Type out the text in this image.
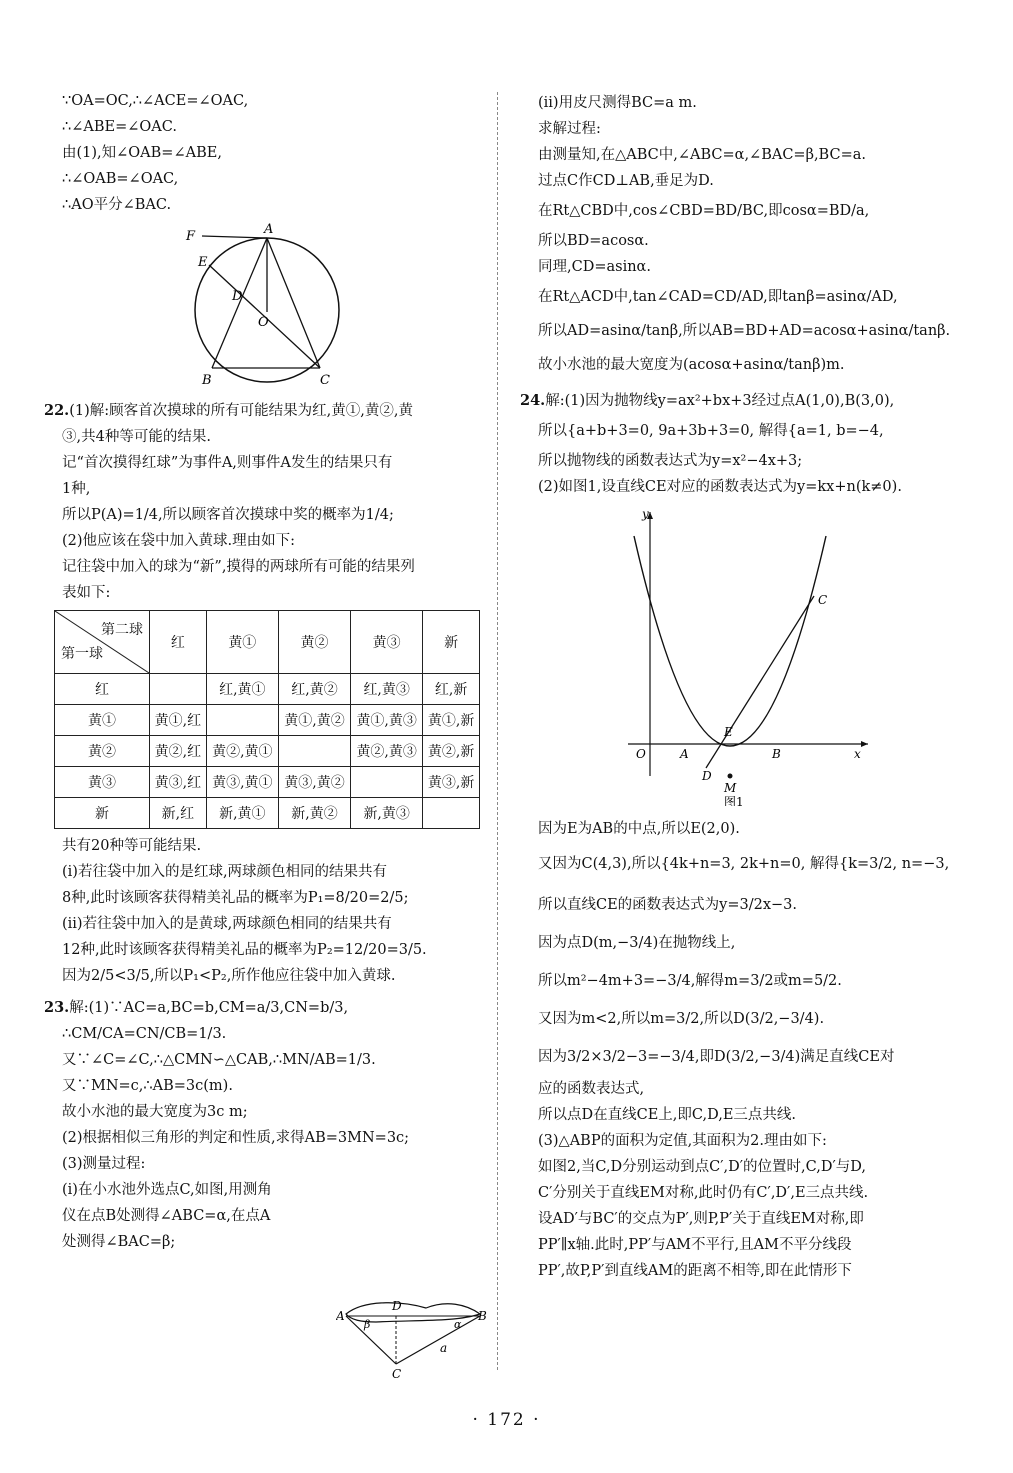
∵OA=OC,∴∠ACE=∠OAC,
∴∠ABE=∠OAC.
由(1),知∠OAB=∠ABE,
∴∠OAB=∠OAC,
∴AO平分∠BAC.
F	A
E
D
O
B	C
22.(1)解:顾客首次摸球的所有可能结果为红,黄①,黄②,黄
③,共4种等可能的结果.
记“首次摸得红球”为事件A,则事件A发生的结果只有
1种,
所以P(A)=1/4,所以顾客首次摸球中奖的概率为1/4;
(2)他应该在袋中加入黄球.理由如下:
记往袋中加入的球为“新”,摸得的两球所有可能的结果列
表如下:
第二球
第一球	红	黄①	黄②	黄③	新
红		红,黄①	红,黄②	红,黄③	红,新
黄①	黄①,红		黄①,黄②	黄①,黄③	黄①,新
黄②	黄②,红	黄②,黄①		黄②,黄③	黄②,新
黄③	黄③,红	黄③,黄①	黄③,黄②		黄③,新
新	新,红	新,黄①	新,黄②	新,黄③	
共有20种等可能结果.
(ⅰ)若往袋中加入的是红球,两球颜色相同的结果共有
8种,此时该顾客获得精美礼品的概率为P₁=8/20=2/5;
(ⅱ)若往袋中加入的是黄球,两球颜色相同的结果共有
12种,此时该顾客获得精美礼品的概率为P₂=12/20=3/5.
因为2/5<3/5,所以P₁<P₂,所作他应往袋中加入黄球.
23.解:(1)∵AC=a,BC=b,CM=a/3,CN=b/3,
∴CM/CA=CN/CB=1/3.
又∵∠C=∠C,∴△CMN∽△CAB,∴MN/AB=1/3.
又∵MN=c,∴AB=3c(m).
故小水池的最大宽度为3c m;
(2)根据相似三角形的判定和性质,求得AB=3MN=3c;
(3)测量过程:
(ⅰ)在小水池外选点C,如图,用测角
仪在点B处测得∠ABC=α,在点A
处测得∠BAC=β;
A	B
C
D
β	α
a
(ⅱ)用皮尺测得BC=a m.
求解过程:
由测量知,在△ABC中,∠ABC=α,∠BAC=β,BC=a.
过点C作CD⊥AB,垂足为D.
在Rt△CBD中,cos∠CBD=BD/BC,即cosα=BD/a,
所以BD=acosα.
同理,CD=asinα.
在Rt△ACD中,tan∠CAD=CD/AD,即tanβ=asinα/AD,
所以AD=asinα/tanβ,所以AB=BD+AD=acosα+asinα/tanβ.
故小水池的最大宽度为(acosα+asinα/tanβ)m.
24.解:(1)因为抛物线y=ax²+bx+3经过点A(1,0),B(3,0),
所以{a+b+3=0, 9a+3b+3=0, 解得{a=1, b=−4,
所以抛物线的函数表达式为y=x²−4x+3;
(2)如图1,设直线CE对应的函数表达式为y=kx+n(k≠0).
y
x
O	A	B
C
D
E
M
图1
因为E为AB的中点,所以E(2,0).
又因为C(4,3),所以{4k+n=3, 2k+n=0, 解得{k=3/2, n=−3,
所以直线CE的函数表达式为y=3/2x−3.
因为点D(m,−3/4)在抛物线上,
所以m²−4m+3=−3/4,解得m=3/2或m=5/2.
又因为m<2,所以m=3/2,所以D(3/2,−3/4).
因为3/2×3/2−3=−3/4,即D(3/2,−3/4)满足直线CE对
应的函数表达式,
所以点D在直线CE上,即C,D,E三点共线.
(3)△ABP的面积为定值,其面积为2.理由如下:
如图2,当C,D分别运动到点C′,D′的位置时,C,D′与D,
C′分别关于直线EM对称,此时仍有C′,D′,E三点共线.
设AD′与BC′的交点为P′,则P,P′关于直线EM对称,即
PP′∥x轴.此时,PP′与AM不平行,且AM不平分线段
PP′,故P,P′到直线AM的距离不相等,即在此情形下
· 172 ·
